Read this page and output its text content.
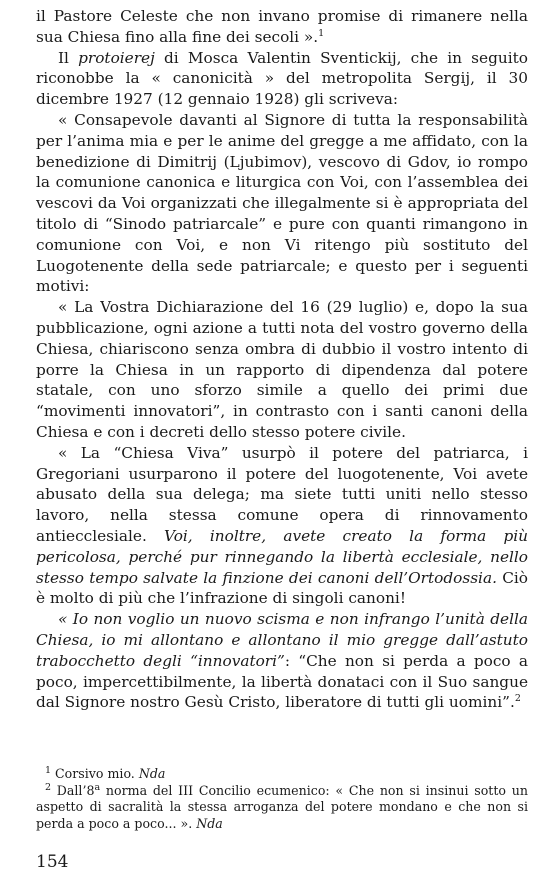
il Pastore Celeste che non invano promise di rimanere nella sua Chiesa fino alla fine dei secoli ».$^1$

Il protoierej di Mosca Valentin Sventickij, che in seguito riconobbe la « canonicità » del metropolita Sergij, il 30 dicembre 1927 (12 gennaio 1928) gli scriveva:

« Consapevole davanti al Signore di tutta la responsabilità per l’anima mia e per le anime del gregge a me affidato, con la benedizione di Dimitrij (Ljubimov), vescovo di Gdov, io rompo la comunione canonica e liturgica con Voi, con l’assemblea dei vescovi da Voi organizzati che illegalmente si è appropriata del titolo di “Sinodo patriarcale” e pure con quanti rimangono in comunione con Voi, e non Vi ritengo più sostituto del Luogotenente della sede patriarcale; e questo per i seguenti motivi:

« La Vostra Dichiarazione del 16 (29 luglio) e, dopo la sua pubblicazione, ogni azione a tutti nota del vostro governo della Chiesa, chiariscono senza ombra di dubbio il vostro intento di porre la Chiesa in un rapporto di dipendenza dal potere statale, con uno sforzo simile a quello dei primi due “movimenti innovatori”, in contrasto con i santi canoni della Chiesa e con i decreti dello stesso potere civile.

« La “Chiesa Viva” usurpò il potere del patriarca, i Gregoriani usurparono il potere del luogotenente, Voi avete abusato della sua delega; ma siete tutti uniti nello stesso lavoro, nella stessa comune opera di rinnovamento antiecclesiale. Voi, inoltre, avete creato la forma più pericolosa, perché pur rinnegando la libertà ecclesiale, nello stesso tempo salvate la finzione dei canoni dell’Ortodossia. Ciò è molto di più che l’infrazione di singoli canoni!

« Io non voglio un nuovo scisma e non infrango l’unità della Chiesa, io mi allontano e allontano il mio gregge dall’astuto trabocchetto degli “innovatori”: “Che non si perda a poco a poco, impercettibilmente, la libertà donataci con il Suo sangue dal Signore nostro Gesù Cristo, liberatore di tutti gli uomini”.$^2$

$^1$ Corsivo mio. Nda

$^2$ Dall’8$^a$ norma del III Concilio ecumenico: « Che non si insinui sotto un aspetto di sacralità la stessa arroganza del potere mondano e che non si perda a poco a poco... ». Nda

154
